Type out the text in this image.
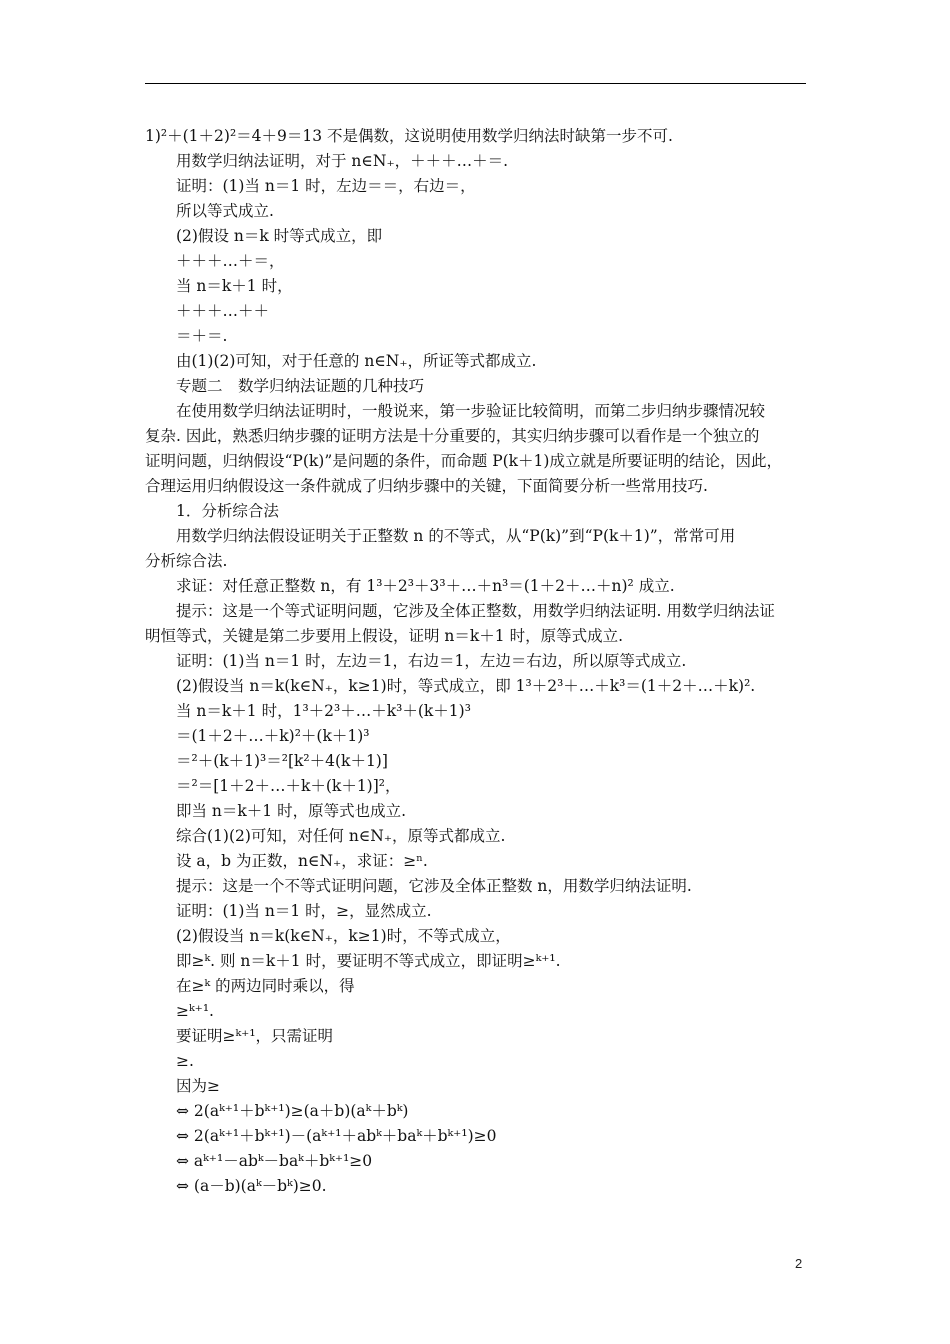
1)²＋(1＋2)²＝4＋9＝13 不是偶数，这说明使用数学归纳法时缺第一步不可.
用数学归纳法证明，对于 n∈N₊，＋＋＋…＋＝.
证明：(1)当 n＝1 时，左边＝＝，右边＝，
所以等式成立.
(2)假设 n＝k 时等式成立，即
＋＋＋…＋＝，
当 n＝k＋1 时，
＋＋＋…＋＋
＝＋＝.
由(1)(2)可知，对于任意的 n∈N₊，所证等式都成立.
专题二　数学归纳法证题的几种技巧
在使用数学归纳法证明时，一般说来，第一步验证比较简明，而第二步归纳步骤情况较
复杂. 因此，熟悉归纳步骤的证明方法是十分重要的，其实归纳步骤可以看作是一个独立的
证明问题，归纳假设“P(k)”是问题的条件，而命题 P(k＋1)成立就是所要证明的结论，因此，
合理运用归纳假设这一条件就成了归纳步骤中的关键，下面简要分析一些常用技巧.
1．分析综合法
用数学归纳法假设证明关于正整数 n 的不等式，从“P(k)”到“P(k＋1)”，常常可用
分析综合法.
求证：对任意正整数 n，有 1³＋2³＋3³＋…＋n³＝(1＋2＋…＋n)² 成立.
提示：这是一个等式证明问题，它涉及全体正整数，用数学归纳法证明. 用数学归纳法证
明恒等式，关键是第二步要用上假设，证明 n＝k＋1 时，原等式成立.
证明：(1)当 n＝1 时，左边＝1，右边＝1，左边＝右边，所以原等式成立.
(2)假设当 n＝k(k∈N₊，k≥1)时，等式成立，即 1³＋2³＋…＋k³＝(1＋2＋…＋k)².
当 n＝k＋1 时，1³＋2³＋…＋k³＋(k＋1)³
＝(1＋2＋…＋k)²＋(k＋1)³
＝²＋(k＋1)³＝²[k²＋4(k＋1)]
＝²＝[1＋2＋…＋k＋(k＋1)]²，
即当 n＝k＋1 时，原等式也成立.
综合(1)(2)可知，对任何 n∈N₊，原等式都成立.
设 a，b 为正数，n∈N₊，求证：≥ⁿ.
提示：这是一个不等式证明问题，它涉及全体正整数 n，用数学归纳法证明.
证明：(1)当 n＝1 时，≥，显然成立.
(2)假设当 n＝k(k∈N₊，k≥1)时，不等式成立，
即≥ᵏ. 则 n＝k＋1 时，要证明不等式成立，即证明≥ᵏ⁺¹.
在≥ᵏ 的两边同时乘以，得
≥ᵏ⁺¹.
要证明≥ᵏ⁺¹，只需证明
≥.
因为≥
⇔ 2(aᵏ⁺¹＋bᵏ⁺¹)≥(a＋b)(aᵏ＋bᵏ)
⇔ 2(aᵏ⁺¹＋bᵏ⁺¹)－(aᵏ⁺¹＋abᵏ＋baᵏ＋bᵏ⁺¹)≥0
⇔ aᵏ⁺¹－abᵏ－baᵏ＋bᵏ⁺¹≥0
⇔ (a－b)(aᵏ－bᵏ)≥0.
2
